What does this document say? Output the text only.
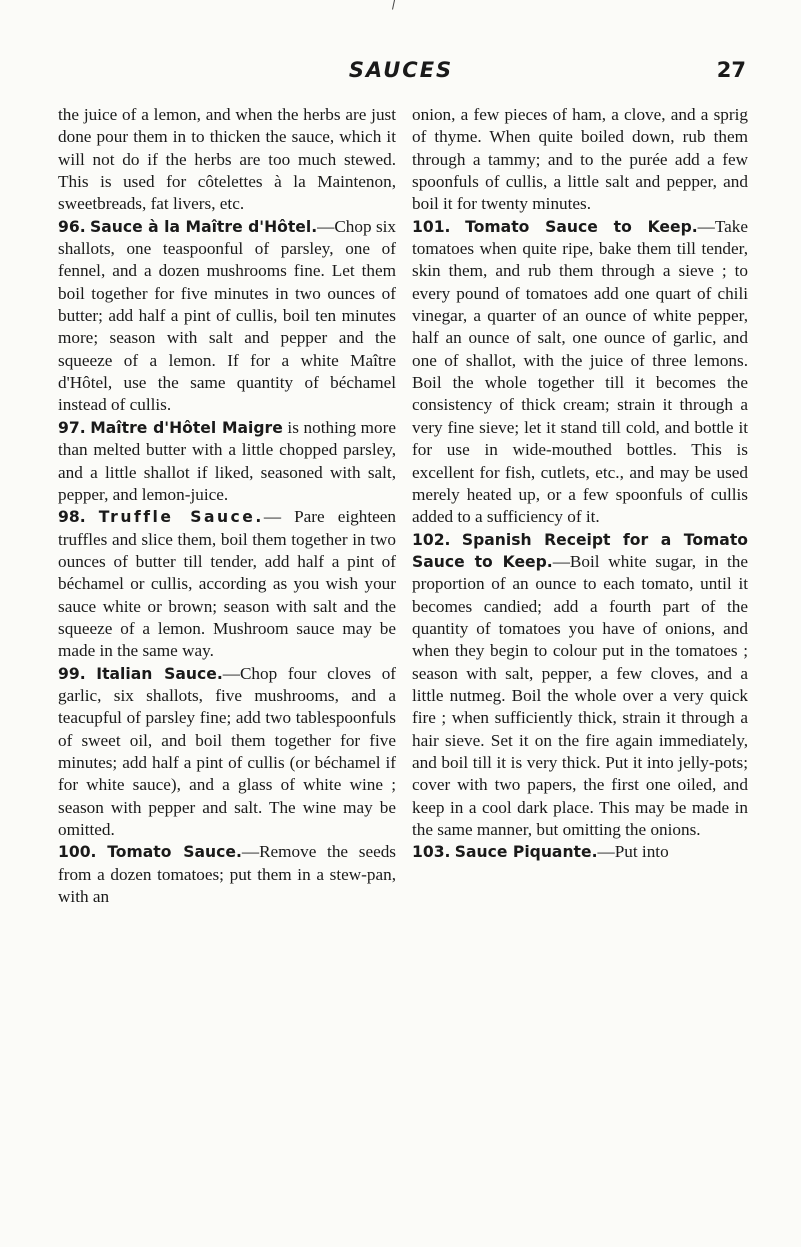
SAUCES	27

the juice of a lemon, and when the herbs are just done pour them in to thicken the sauce, which it will not do if the herbs are too much stewed. This is used for côtelettes à la Maintenon, sweetbreads, fat livers, etc.

96. Sauce à la Maître d'Hôtel.—Chop six shallots, one teaspoonful of parsley, one of fennel, and a dozen mushrooms fine. Let them boil together for five minutes in two ounces of butter; add half a pint of cullis, boil ten minutes more; season with salt and pepper and the squeeze of a lemon. If for a white Maître d'Hôtel, use the same quantity of béchamel instead of cullis.

97. Maître d'Hôtel Maigre is nothing more than melted butter with a little chopped parsley, and a little shallot if liked, seasoned with salt, pepper, and lemon-juice.

98. Truffle Sauce.— Pare eighteen truffles and slice them, boil them together in two ounces of butter till tender, add half a pint of béchamel or cullis, according as you wish your sauce white or brown; season with salt and the squeeze of a lemon. Mushroom sauce may be made in the same way.

99. Italian Sauce.—Chop four cloves of garlic, six shallots, five mushrooms, and a teacupful of parsley fine; add two tablespoonfuls of sweet oil, and boil them together for five minutes; add half a pint of cullis (or béchamel if for white sauce), and a glass of white wine ; season with pepper and salt. The wine may be omitted.

100. Tomato Sauce.—Remove the seeds from a dozen tomatoes; put them in a stew-pan, with an

onion, a few pieces of ham, a clove, and a sprig of thyme. When quite boiled down, rub them through a tammy; and to the purée add a few spoonfuls of cullis, a little salt and pepper, and boil it for twenty minutes.

101. Tomato Sauce to Keep.—Take tomatoes when quite ripe, bake them till tender, skin them, and rub them through a sieve ; to every pound of tomatoes add one quart of chili vinegar, a quarter of an ounce of white pepper, half an ounce of salt, one ounce of garlic, and one of shallot, with the juice of three lemons. Boil the whole together till it becomes the consistency of thick cream; strain it through a very fine sieve; let it stand till cold, and bottle it for use in wide-mouthed bottles. This is excellent for fish, cutlets, etc., and may be used merely heated up, or a few spoonfuls of cullis added to a sufficiency of it.

102. Spanish Receipt for a Tomato Sauce to Keep.—Boil white sugar, in the proportion of an ounce to each tomato, until it becomes candied; add a fourth part of the quantity of tomatoes you have of onions, and when they begin to colour put in the tomatoes ; season with salt, pepper, a few cloves, and a little nutmeg. Boil the whole over a very quick fire ; when sufficiently thick, strain it through a hair sieve. Set it on the fire again immediately, and boil till it is very thick. Put it into jelly-pots; cover with two papers, the first one oiled, and keep in a cool dark place. This may be made in the same manner, but omitting the onions.

103. Sauce Piquante.—Put into
